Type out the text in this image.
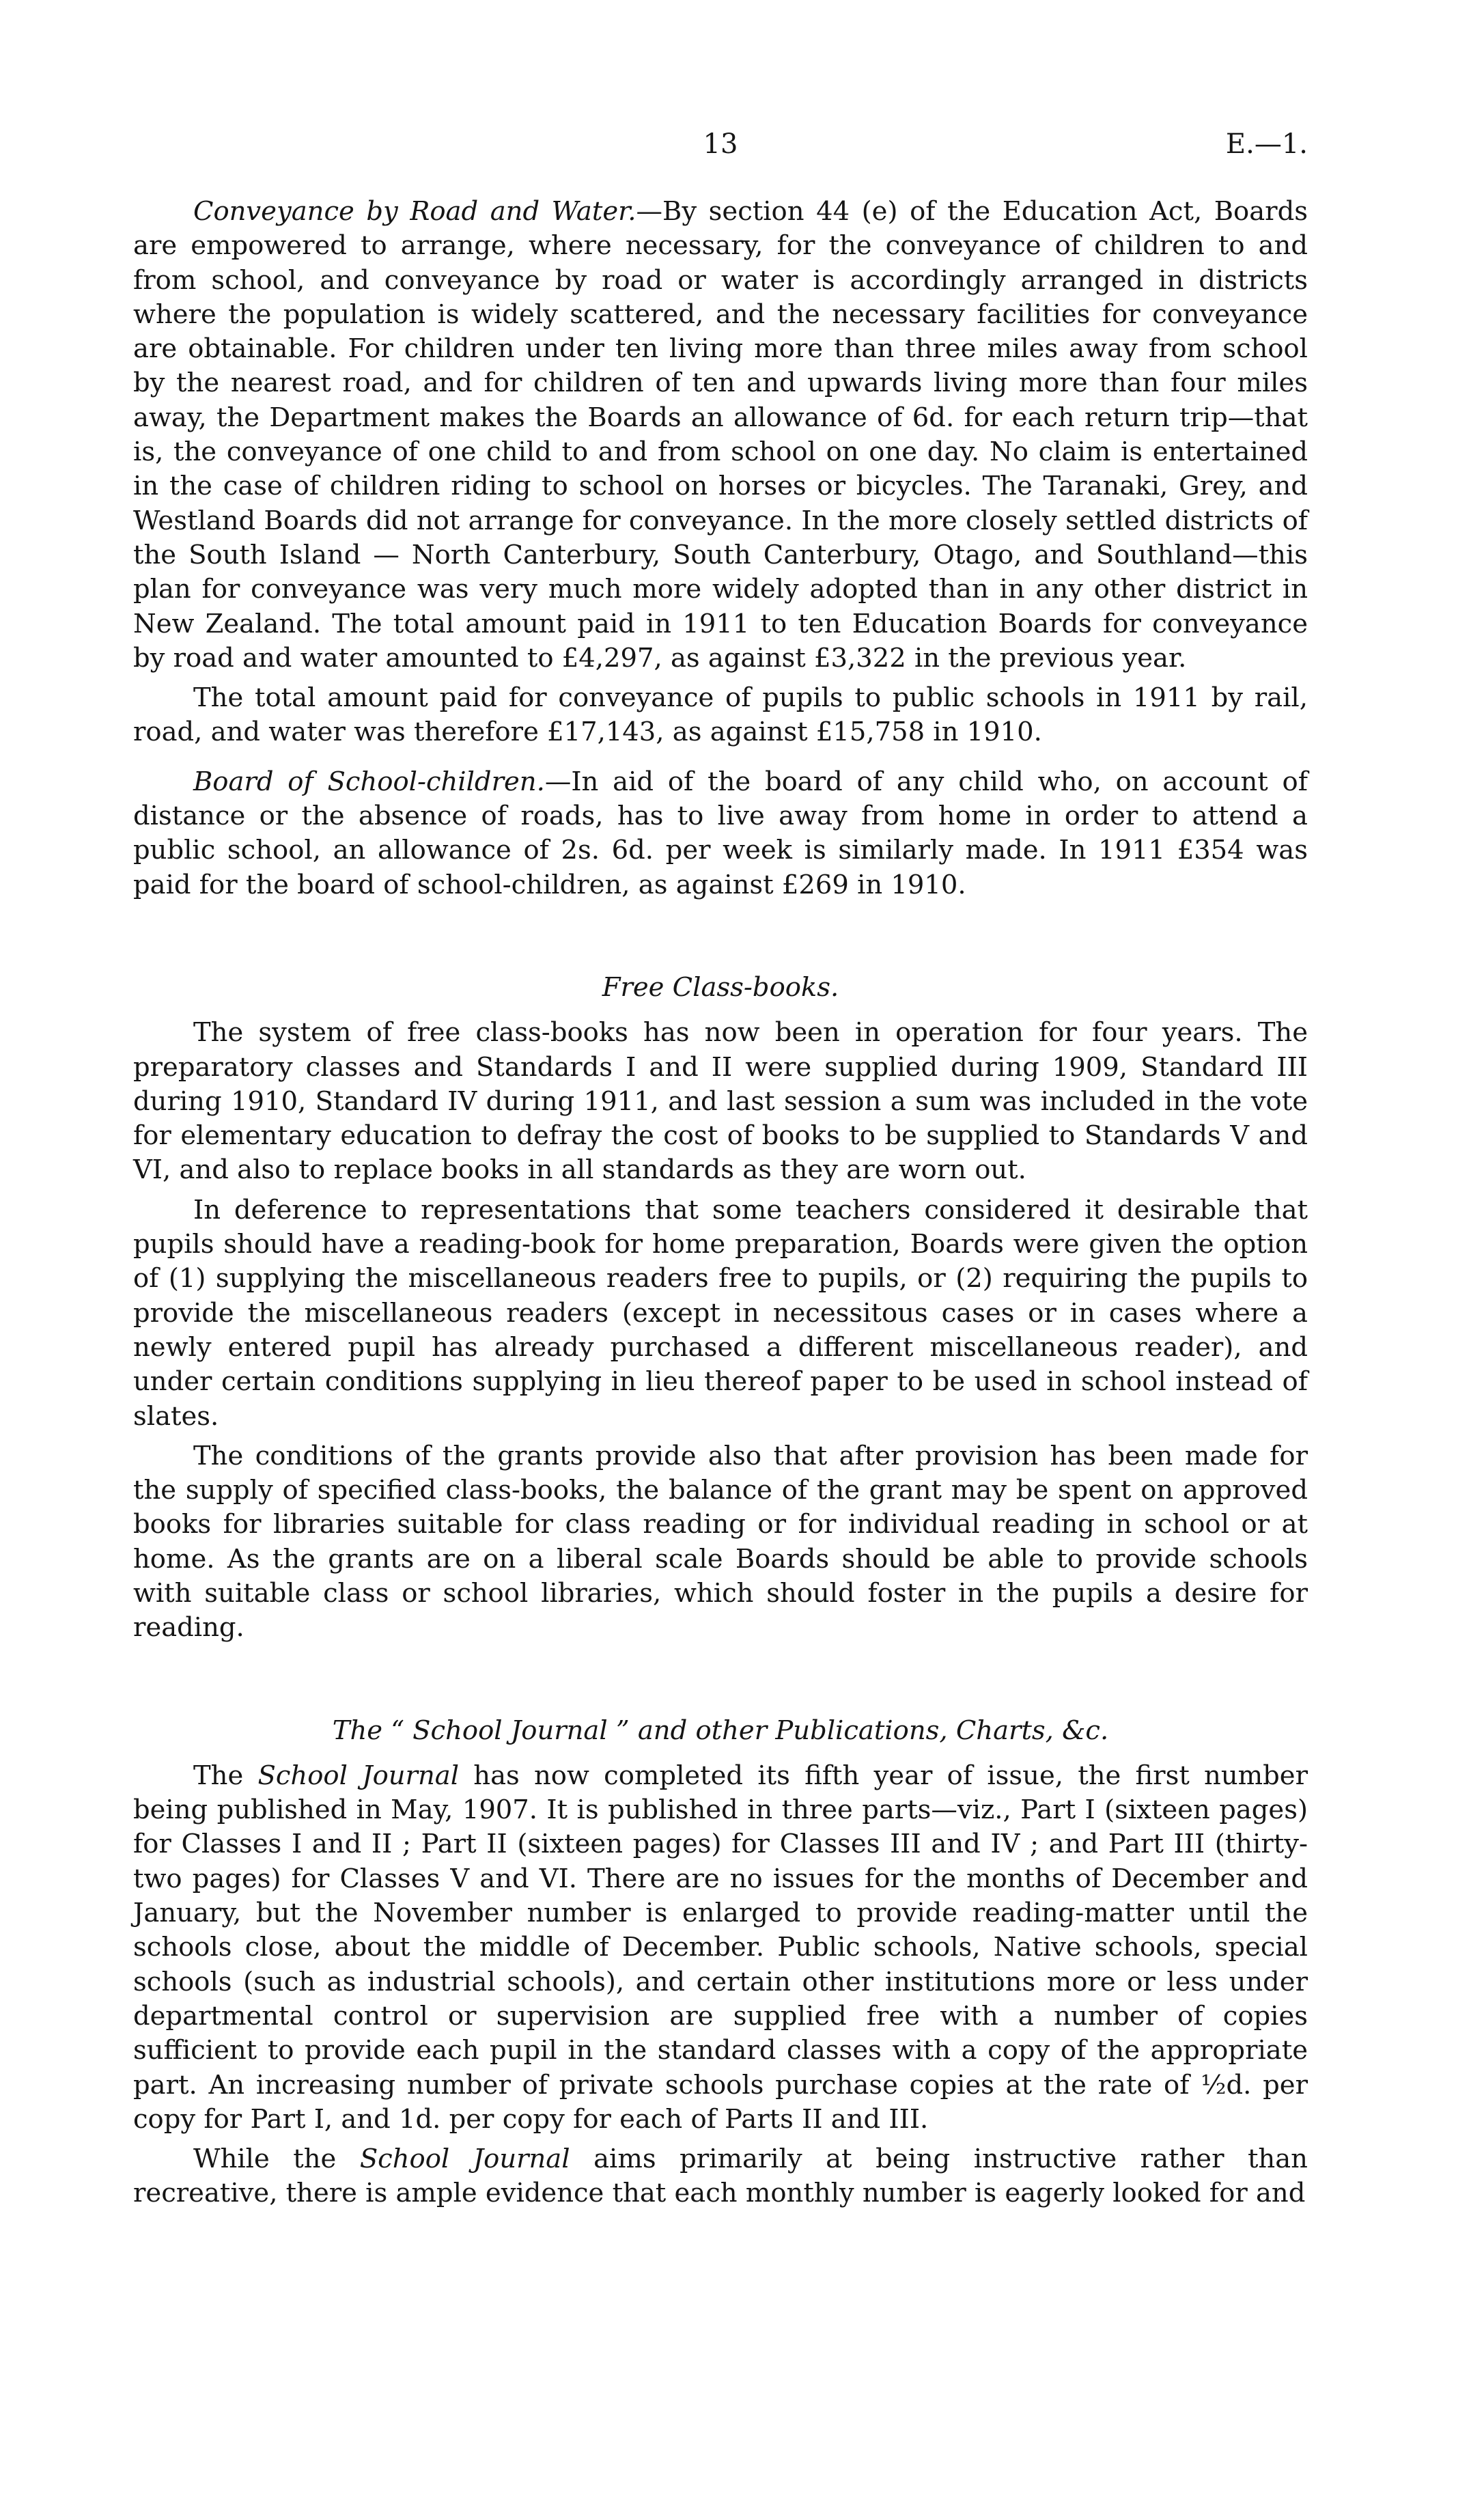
13	E.—1.

Conveyance by Road and Water.—By section 44 (e) of the Education Act, Boards are empowered to arrange, where necessary, for the conveyance of children to and from school, and conveyance by road or water is accordingly arranged in districts where the population is widely scattered, and the necessary facilities for conveyance are obtainable. For children under ten living more than three miles away from school by the nearest road, and for children of ten and upwards living more than four miles away, the Department makes the Boards an allowance of 6d. for each return trip—that is, the conveyance of one child to and from school on one day. No claim is entertained in the case of children riding to school on horses or bicycles. The Taranaki, Grey, and Westland Boards did not arrange for conveyance. In the more closely settled districts of the South Island — North Canterbury, South Canterbury, Otago, and Southland—this plan for conveyance was very much more widely adopted than in any other district in New Zealand. The total amount paid in 1911 to ten Education Boards for conveyance by road and water amounted to £4,297, as against £3,322 in the previous year.

The total amount paid for conveyance of pupils to public schools in 1911 by rail, road, and water was therefore £17,143, as against £15,758 in 1910.

Board of School-children.—In aid of the board of any child who, on account of distance or the absence of roads, has to live away from home in order to attend a public school, an allowance of 2s. 6d. per week is similarly made. In 1911 £354 was paid for the board of school-children, as against £269 in 1910.

Free Class-books.

The system of free class-books has now been in operation for four years. The preparatory classes and Standards I and II were supplied during 1909, Standard III during 1910, Standard IV during 1911, and last session a sum was included in the vote for elementary education to defray the cost of books to be supplied to Standards V and VI, and also to replace books in all standards as they are worn out.

In deference to representations that some teachers considered it desirable that pupils should have a reading-book for home preparation, Boards were given the option of (1) supplying the miscellaneous readers free to pupils, or (2) requiring the pupils to provide the miscellaneous readers (except in necessitous cases or in cases where a newly entered pupil has already purchased a different miscellaneous reader), and under certain conditions supplying in lieu thereof paper to be used in school instead of slates.

The conditions of the grants provide also that after provision has been made for the supply of specified class-books, the balance of the grant may be spent on approved books for libraries suitable for class reading or for individual reading in school or at home. As the grants are on a liberal scale Boards should be able to provide schools with suitable class or school libraries, which should foster in the pupils a desire for reading.

The “ School Journal ” and other Publications, Charts, &c.

The School Journal has now completed its fifth year of issue, the first number being published in May, 1907. It is published in three parts—viz., Part I (sixteen pages) for Classes I and II ; Part II (sixteen pages) for Classes III and IV ; and Part III (thirty-two pages) for Classes V and VI. There are no issues for the months of December and January, but the November number is enlarged to provide reading-matter until the schools close, about the middle of December. Public schools, Native schools, special schools (such as industrial schools), and certain other institutions more or less under departmental control or supervision are supplied free with a number of copies sufficient to provide each pupil in the standard classes with a copy of the appropriate part. An increasing number of private schools purchase copies at the rate of ½d. per copy for Part I, and 1d. per copy for each of Parts II and III.

While the School Journal aims primarily at being instructive rather than recreative, there is ample evidence that each monthly number is eagerly looked for and
